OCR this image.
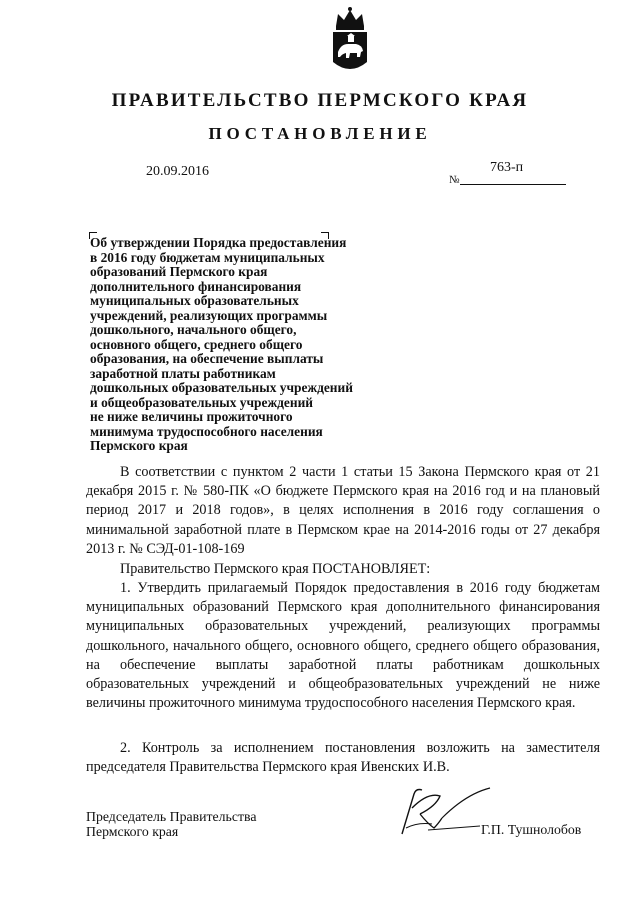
ПРАВИТЕЛЬСТВО ПЕРМСКОГО КРАЯ
ПОСТАНОВЛЕНИЕ
20.09.2016
№
763-п
Об утверждении Порядка предоставления
в 2016 году бюджетам муниципальных
образований Пермского края
дополнительного финансирования
муниципальных образовательных
учреждений, реализующих программы
дошкольного, начального общего,
основного общего, среднего общего
образования, на обеспечение выплаты
заработной платы работникам
дошкольных образовательных учреждений
и общеобразовательных учреждений
не ниже величины прожиточного
минимума трудоспособного населения
Пермского края
В соответствии с пунктом 2 части 1 статьи 15 Закона Пермского края от 21 декабря 2015 г. № 580-ПК «О бюджете Пермского края на 2016 год и на плановый период 2017 и 2018 годов», в целях исполнения в 2016 году соглашения о минимальной заработной плате в Пермском крае на 2014-2016 годы от 27 декабря 2013 г. № СЭД-01-108-169
Правительство Пермского края ПОСТАНОВЛЯЕТ:
1. Утвердить прилагаемый Порядок предоставления в 2016 году бюджетам муниципальных образований Пермского края дополнительного финансирования муниципальных образовательных учреждений, реализующих программы дошкольного, начального общего, основного общего, среднего общего образования, на обеспечение выплаты заработной платы работникам дошкольных образовательных учреждений и общеобразовательных учреждений не ниже величины прожиточного минимума трудоспособного населения Пермского края.
2. Контроль за исполнением постановления возложить на заместителя председателя Правительства Пермского края Ивенских И.В.
Председатель Правительства
Пермского края	Г.П. Тушнолобов
